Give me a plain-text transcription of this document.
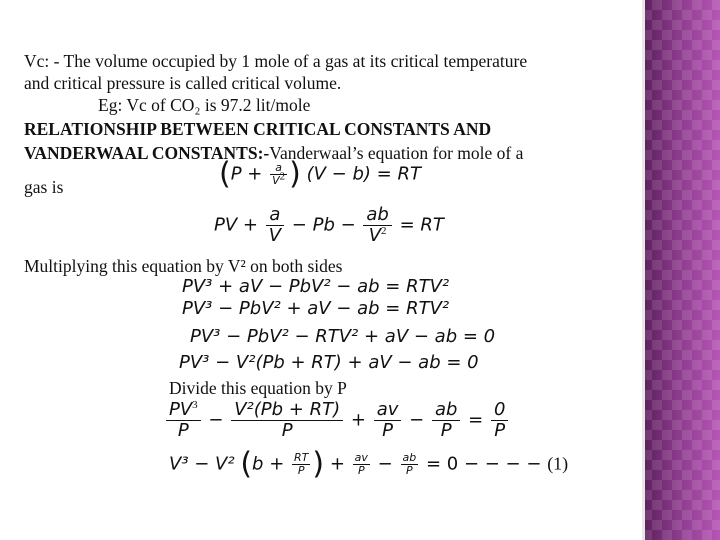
Vc: - The volume occupied by 1 mole of a gas at its critical temperature
and critical pressure is called critical volume.
Eg: Vc of CO₂ is 97.2 lit/mole
RELATIONSHIP BETWEEN CRITICAL CONSTANTS AND
VANDERWAAL CONSTANTS:-Vanderwaal’s equation for mole of a
gas is	($P + \frac{a}{V^2}$ ) (V − b) = RT
PV + $\frac{a}{V} - Pb - \frac{ab}{V^2}$ = RT
Multiplying this equation by V² on both sides
PV³ + aV − PbV² − ab = RTV²
PV³ − PbV² + aV − ab = RTV²
PV³ − PbV² − RTV² + aV − ab = 0
PV³ − V²(Pb + RT) + aV − ab = 0
Divide this equation by P
$\frac{PV^3}{P} - \frac{\text{V²(Pb + RT)}}{P} + \frac{av}{P} - \frac{ab}{P} = \frac{0}{P}$
V³ − V² ($b + \frac{RT}{P}$ ) + $\frac{av}{P} - \frac{ab}{P} = 0$ − − − − (1)
